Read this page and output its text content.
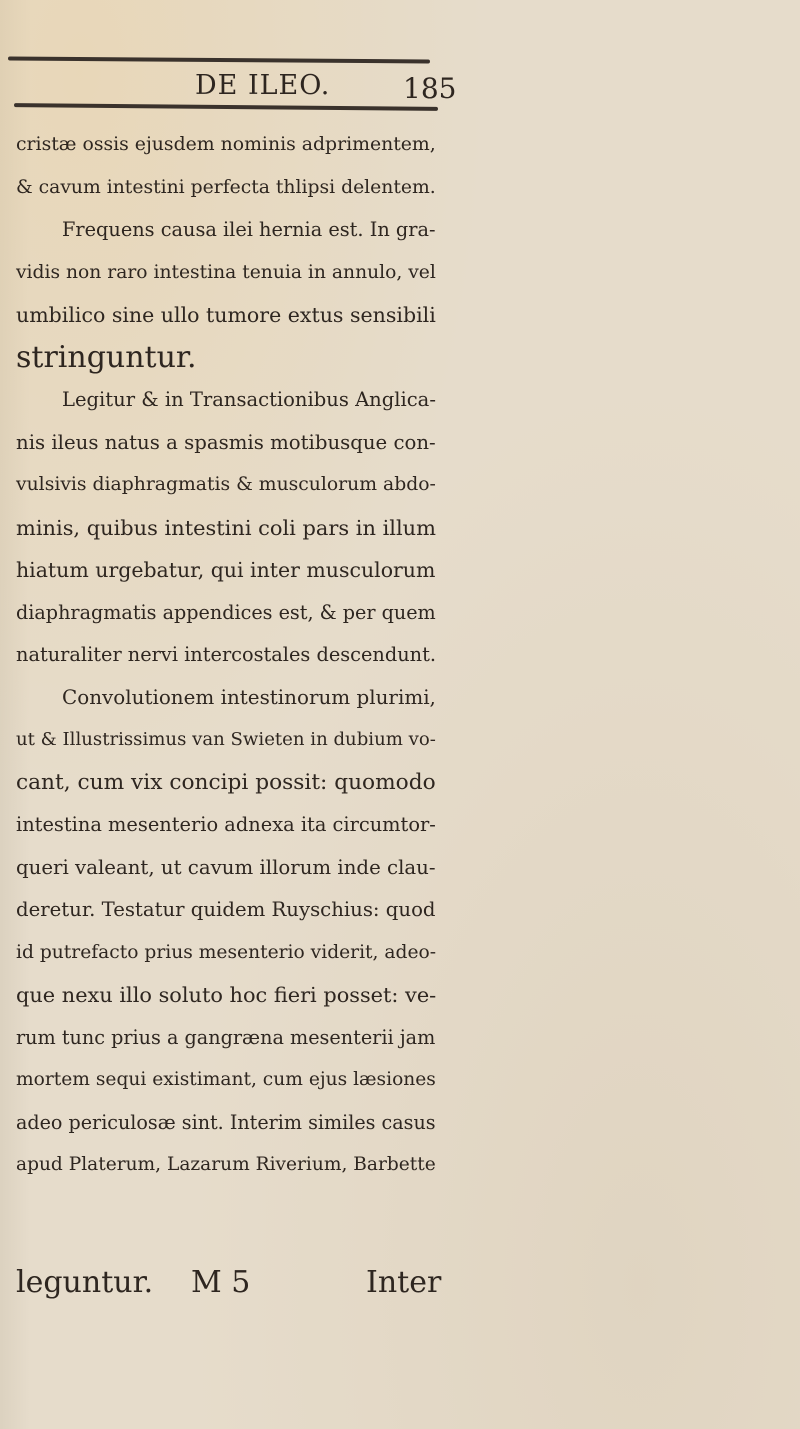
DE ILEO.	185
cristæ ossis ejusdem nominis adprimentem,
& cavum intestini perfecta thlipsi delentem.
Frequens causa ilei hernia est. In gra-
vidis non raro intestina tenuia in annulo, vel
umbilico sine ullo tumore extus sensibili
stringuntur.
Legitur & in Transactionibus Anglica-
nis ileus natus a spasmis motibusque con-
vulsivis diaphragmatis & musculorum abdo-
minis, quibus intestini coli pars in illum
hiatum urgebatur, qui inter musculorum
diaphragmatis appendices est, & per quem
naturaliter nervi intercostales descendunt.
Convolutionem intestinorum plurimi,
ut & Illustrissimus van Swieten in dubium vo-
cant, cum vix concipi possit: quomodo
intestina mesenterio adnexa ita circumtor-
queri valeant, ut cavum illorum inde clau-
deretur. Testatur quidem Ruyschius: quod
id putrefacto prius mesenterio viderit, adeo-
que nexu illo soluto hoc fieri posset: ve-
rum tunc prius a gangræna mesenterii jam
mortem sequi existimant, cum ejus læsiones
adeo periculosæ sint. Interim similes casus
apud Platerum, Lazarum Riverium, Barbette
leguntur. M 5	Inter
